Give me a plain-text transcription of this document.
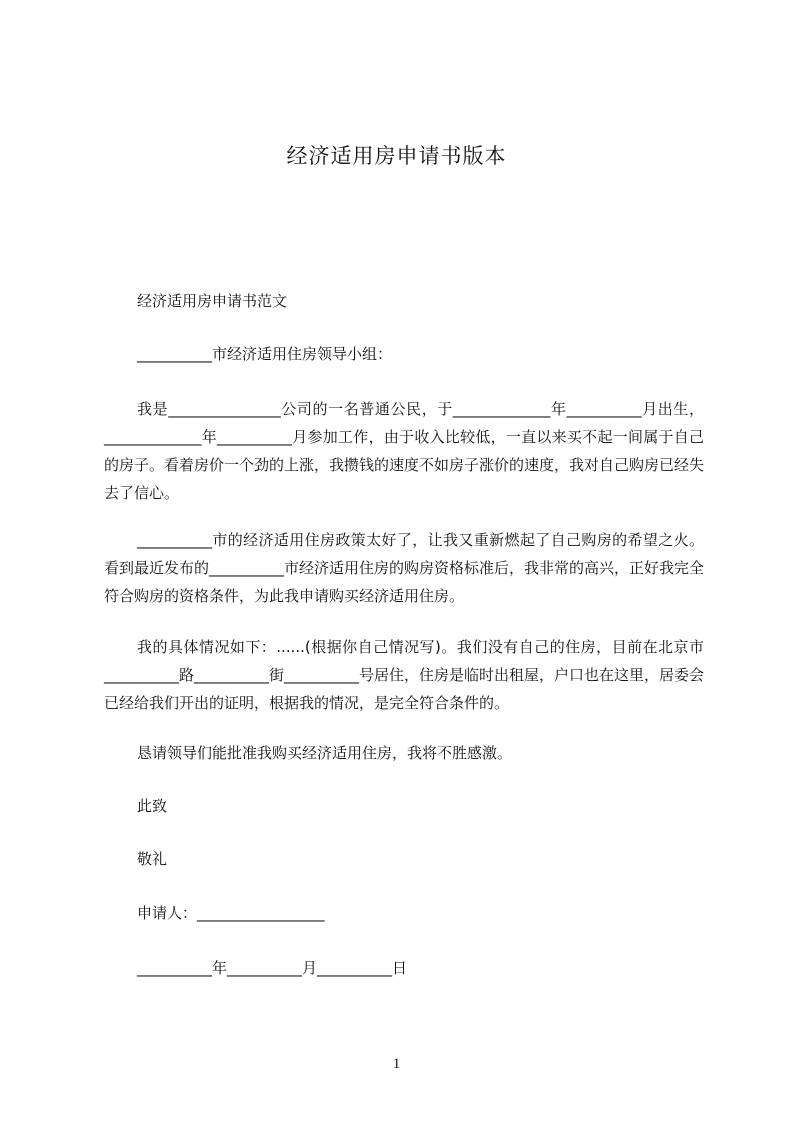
经济适用房申请书版本

经济适用房申请书范文

__________市经济适用住房领导小组：

我是_______________公司的一名普通公民，于_____________年__________月出生，_____________年__________月参加工作，由于收入比较低，一直以来买不起一间属于自己的房子。看着房价一个劲的上涨，我攒钱的速度不如房子涨价的速度，我对自己购房已经失去了信心。

__________市的经济适用住房政策太好了，让我又重新燃起了自己购房的希望之火。看到最近发布的__________市经济适用住房的购房资格标准后，我非常的高兴，正好我完全符合购房的资格条件，为此我申请购买经济适用住房。

我的具体情况如下：......(根据你自己情况写)。我们没有自己的住房，目前在北京市__________路__________街__________号居住，住房是临时出租屋，户口也在这里，居委会已经给我们开出的证明，根据我的情况，是完全符合条件的。

恳请领导们能批准我购买经济适用住房，我将不胜感激。

此致

敬礼

申请人：_________________

__________年__________月__________日

1
